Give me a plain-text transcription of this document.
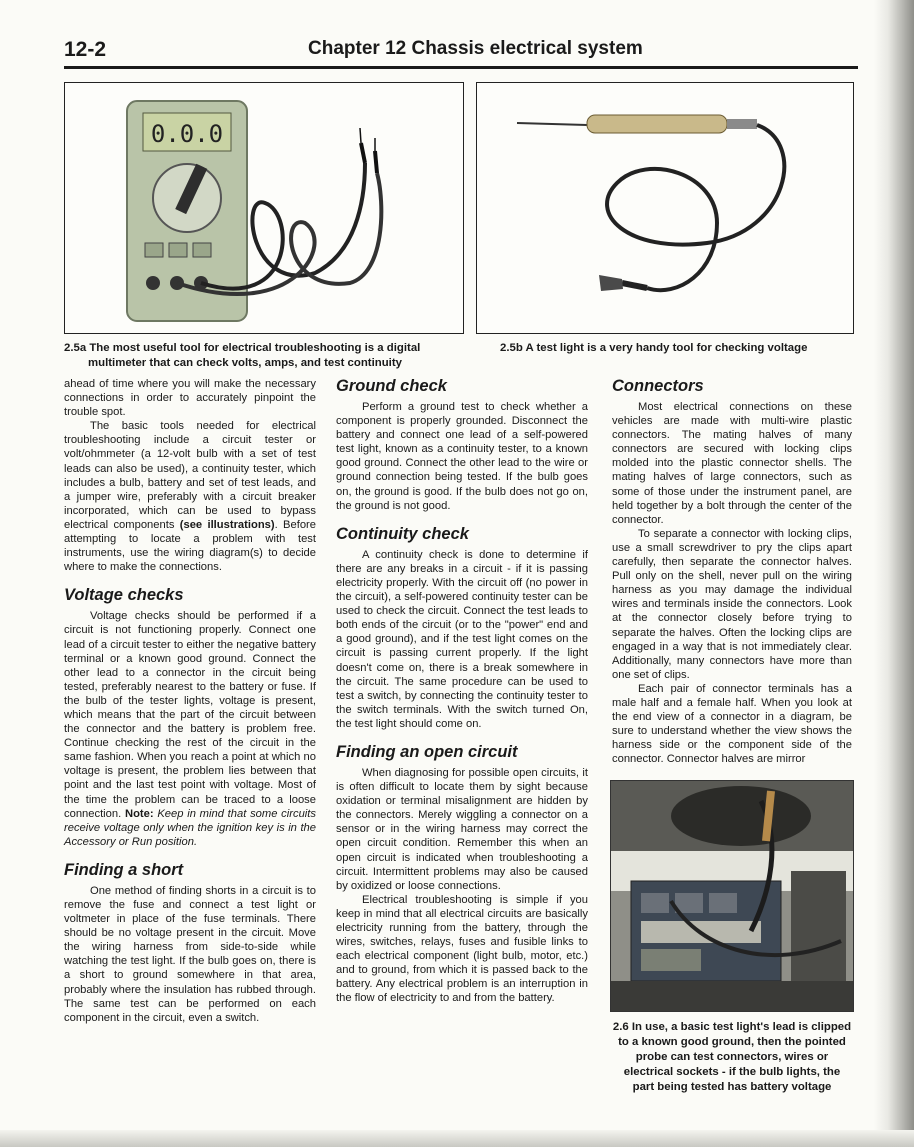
12-2	Chapter 12 Chassis electrical system
0.0.0
2.5a The most useful tool for electrical troubleshooting is a digital
multimeter that can check volts, amps, and test continuity
2.5b A test light is a very handy tool for checking voltage

ahead of time where you will make the necessary connections in order to accurately pinpoint the trouble spot.

The basic tools needed for electrical troubleshooting include a circuit tester or volt/ohmmeter (a 12-volt bulb with a set of test leads can also be used), a continuity tester, which includes a bulb, battery and set of test leads, and a jumper wire, preferably with a circuit breaker incorporated, which can be used to bypass electrical components (see illustrations). Before attempting to locate a problem with test instruments, use the wiring diagram(s) to decide where to make the connections.

Voltage checks

Voltage checks should be performed if a circuit is not functioning properly. Connect one lead of a circuit tester to either the negative battery terminal or a known good ground. Connect the other lead to a connector in the circuit being tested, preferably nearest to the battery or fuse. If the bulb of the tester lights, voltage is present, which means that the part of the circuit between the connector and the battery is problem free. Continue checking the rest of the circuit in the same fashion. When you reach a point at which no voltage is present, the problem lies between that point and the last test point with voltage. Most of the time the problem can be traced to a loose connection. Note: Keep in mind that some circuits receive voltage only when the ignition key is in the Accessory or Run position.

Finding a short

One method of finding shorts in a circuit is to remove the fuse and connect a test light or voltmeter in place of the fuse terminals. There should be no voltage present in the circuit. Move the wiring harness from side-to-side while watching the test light. If the bulb goes on, there is a short to ground somewhere in that area, probably where the insulation has rubbed through. The same test can be performed on each component in the circuit, even a switch.

Ground check

Perform a ground test to check whether a component is properly grounded. Disconnect the battery and connect one lead of a self-powered test light, known as a continuity tester, to a known good ground. Connect the other lead to the wire or ground connection being tested. If the bulb goes on, the ground is good. If the bulb does not go on, the ground is not good.

Continuity check

A continuity check is done to determine if there are any breaks in a circuit - if it is passing electricity properly. With the circuit off (no power in the circuit), a self-powered continuity tester can be used to check the circuit. Connect the test leads to both ends of the circuit (or to the "power" end and a good ground), and if the test light comes on the circuit is passing current properly. If the light doesn't come on, there is a break somewhere in the circuit. The same procedure can be used to test a switch, by connecting the continuity tester to the switch terminals. With the switch turned On, the test light should come on.

Finding an open circuit

When diagnosing for possible open circuits, it is often difficult to locate them by sight because oxidation or terminal misalignment are hidden by the connectors. Merely wiggling a connector on a sensor or in the wiring harness may correct the open circuit condition. Remember this when an open circuit is indicated when troubleshooting a circuit. Intermittent problems may also be caused by oxidized or loose connections.

Electrical troubleshooting is simple if you keep in mind that all electrical circuits are basically electricity running from the battery, through the wires, switches, relays, fuses and fusible links to each electrical component (light bulb, motor, etc.) and to ground, from which it is passed back to the battery. Any electrical problem is an interruption in the flow of electricity to and from the battery.

Connectors

Most electrical connections on these vehicles are made with multi-wire plastic connectors. The mating halves of many connectors are secured with locking clips molded into the plastic connector shells. The mating halves of large connectors, such as some of those under the instrument panel, are held together by a bolt through the center of the connector.

To separate a connector with locking clips, use a small screwdriver to pry the clips apart carefully, then separate the connector halves. Pull only on the shell, never pull on the wiring harness as you may damage the individual wires and terminals inside the connectors. Look at the connector closely before trying to separate the halves. Often the locking clips are engaged in a way that is not immediately clear. Additionally, many connectors have more than one set of clips.

Each pair of connector terminals has a male half and a female half. When you look at the end view of a connector in a diagram, be sure to understand whether the view shows the harness side or the component side of the connector. Connector halves are mirror

2.6 In use, a basic test light's lead is clipped to a known good ground, then the pointed probe can test connectors, wires or electrical sockets - if the bulb lights, the part being tested has battery voltage
